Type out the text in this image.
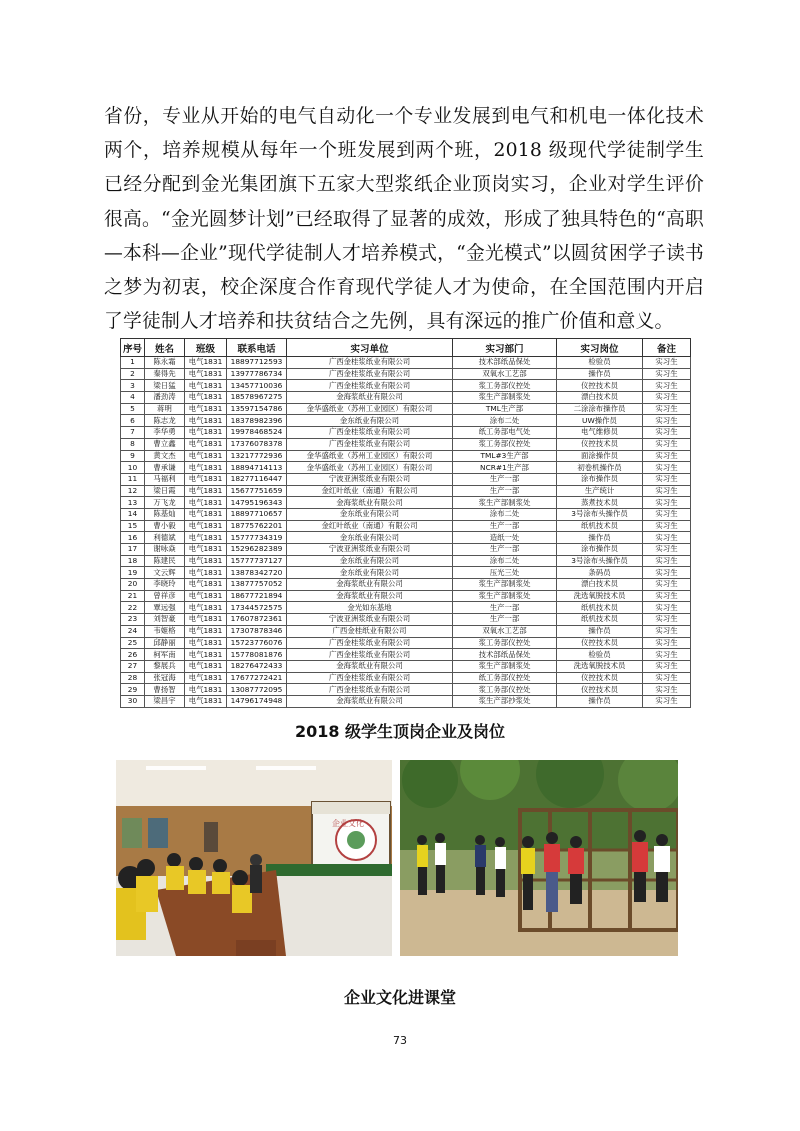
省份，专业从开始的电气自动化一个专业发展到电气和机电一体化技术两个，培养规模从每年一个班发展到两个班，2018 级现代学徒制学生已经分配到金光集团旗下五家大型浆纸企业顶岗实习，企业对学生评价很高。“金光圆梦计划”已经取得了显著的成效，形成了独具特色的“高职—本科—企业”现代学徒制人才培养模式，“金光模式”以圆贫困学子读书之梦为初衷，校企深度合作育现代学徒人才为使命，在全国范围内开启了学徒制人才培养和扶贫结合之先例，具有深远的推广价值和意义。

序号	姓名	班级	联系电话	实习单位	实习部门	实习岗位	备注
1	陈永霜	电气1831	18897712593	广西金桂浆纸业有限公司	技术部纸品保处	检验员	实习生
2	秦得先	电气1831	13977786734	广西金桂浆纸业有限公司	双氧水工艺部	操作员	实习生
3	梁日猛	电气1831	13457710036	广西金桂浆纸业有限公司	浆工务部仪控处	仪控技术员	实习生
4	潘劲涛	电气1831	18578967275	金海浆纸业有限公司	浆生产部制浆处	漂白技术员	实习生
5	蒋明	电气1831	13597154786	金华盛纸业（苏州工业园区）有限公司	TML生产部	二涂涂布操作员	实习生
6	陈志龙	电气1831	18378982396	金东纸业有限公司	涂布二处	UW操作员	实习生
7	李华勇	电气1831	19978468524	广西金桂浆纸业有限公司	纸工务部电气处	电气维修员	实习生
8	曹立鑫	电气1831	17376078378	广西金桂浆纸业有限公司	浆工务部仪控处	仪控技术员	实习生
9	黄文杰	电气1831	13217772936	金华盛纸业（苏州工业园区）有限公司	TML#3生产部	面涂操作员	实习生
10	曹承谦	电气1831	18894714113	金华盛纸业（苏州工业园区）有限公司	NCR#1生产部	初卷机操作员	实习生
11	马福利	电气1831	18277116447	宁波亚洲浆纸业有限公司	生产一部	涂布操作员	实习生
12	梁日霞	电气1831	15677751659	金红叶纸业（南通）有限公司	生产一部	生产统计	实习生
13	万飞龙	电气1831	14795196343	金海浆纸业有限公司	浆生产部制浆处	蒸煮技术员	实习生
14	陈基灿	电气1831	18897710657	金东纸业有限公司	涂布二处	3号涂布头操作员	实习生
15	曹小毅	电气1831	18775762201	金红叶纸业（南通）有限公司	生产一部	纸机技术员	实习生
16	利德斌	电气1831	15777734319	金东纸业有限公司	造纸一处	操作员	实习生
17	谢咏焱	电气1831	15296282389	宁波亚洲浆纸业有限公司	生产一部	涂布操作员	实习生
18	陈建民	电气1831	15777737127	金东纸业有限公司	涂布二处	3号涂布头操作员	实习生
19	文云辉	电气1831	13878342720	金东纸业有限公司	压光三处	条码员	实习生
20	李晓玲	电气1831	13877757052	金海浆纸业有限公司	浆生产部制浆处	漂白技术员	实习生
21	曾祥彦	电气1831	18677721894	金海浆纸业有限公司	浆生产部制浆处	洗选氧脱技术员	实习生
22	覃远强	电气1831	17344572575	金光如东基地	生产一部	纸机技术员	实习生
23	刘智豪	电气1831	17607872361	宁波亚洲浆纸业有限公司	生产一部	纸机技术员	实习生
24	韦姬格	电气1831	17307878346	广西金桂纸业有限公司	双氧水工艺部	操作员	实习生
25	邱静丽	电气1831	15723776076	广西金桂浆纸业有限公司	浆工务部仪控处	仪控技术员	实习生
26	柯军南	电气1831	15778081876	广西金桂浆纸业有限公司	技术部纸品保处	检验员	实习生
27	黎展兵	电气1831	18276472433	金海浆纸业有限公司	浆生产部制浆处	洗选氧脱技术员	实习生
28	张冠海	电气1831	17677272421	广西金桂浆纸业有限公司	纸工务部仪控处	仪控技术员	实习生
29	曹扬智	电气1831	13087772095	广西金桂浆纸业有限公司	浆工务部仪控处	仪控技术员	实习生
30	梁昌宇	电气1831	14796174948	金海浆纸业有限公司	浆生产部抄浆处	操作员	实习生

2018 级学生顶岗企业及岗位

企业文化

企业文化进课堂

73
